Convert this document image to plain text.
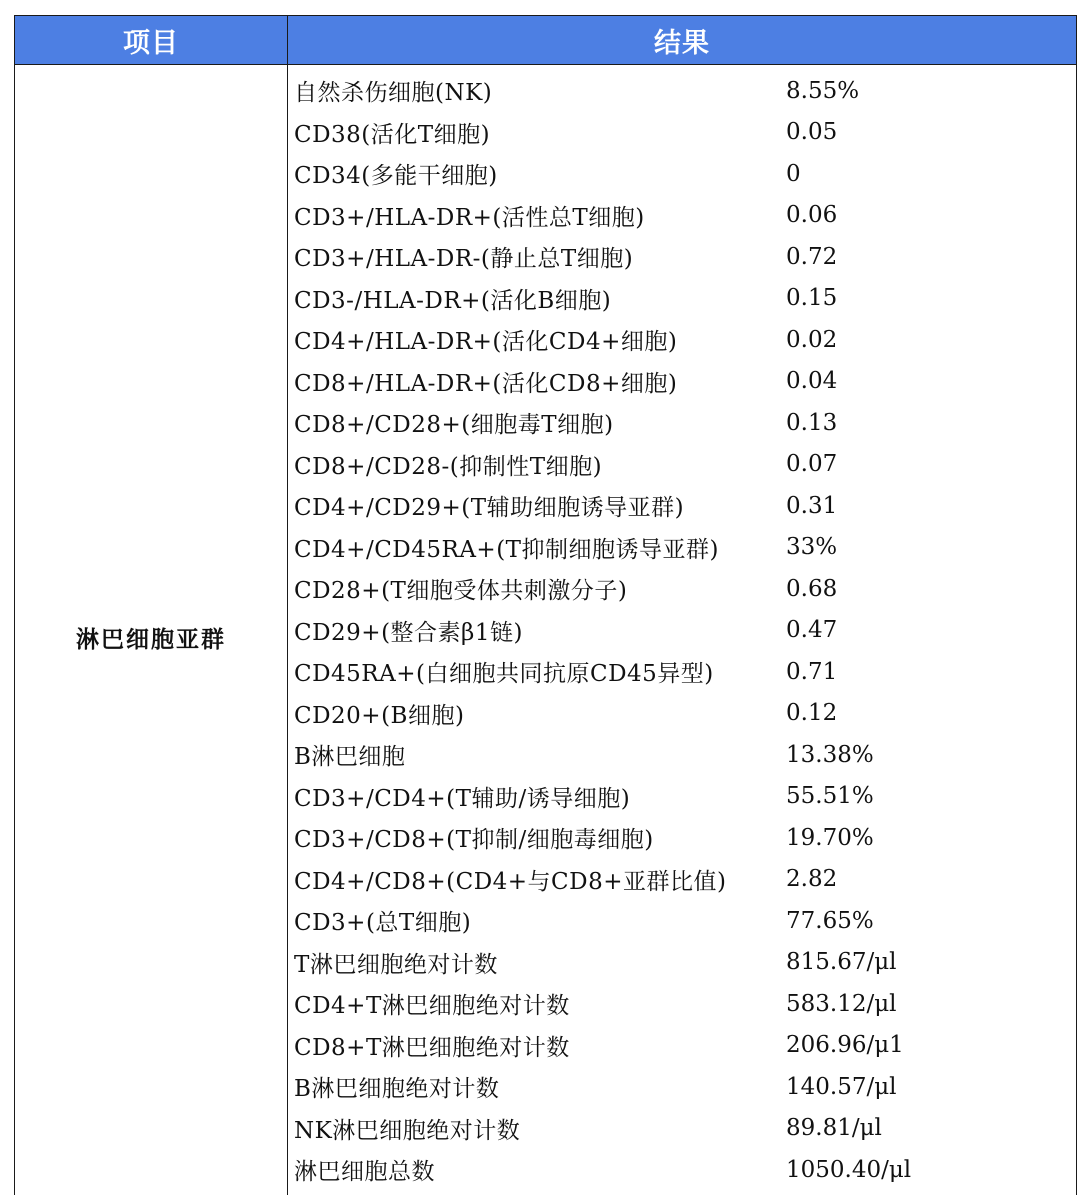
项目	结果
淋巴细胞亚群
自然杀伤细胞(NK)	8.55%
CD38(活化T细胞)	0.05
CD34(多能干细胞)	0
CD3+/HLA-DR+(活性总T细胞)	0.06
CD3+/HLA-DR-(静止总T细胞)	0.72
CD3-/HLA-DR+(活化B细胞)	0.15
CD4+/HLA-DR+(活化CD4+细胞)	0.02
CD8+/HLA-DR+(活化CD8+细胞)	0.04
CD8+/CD28+(细胞毒T细胞)	0.13
CD8+/CD28-(抑制性T细胞)	0.07
CD4+/CD29+(T辅助细胞诱导亚群)	0.31
CD4+/CD45RA+(T抑制细胞诱导亚群)	33%
CD28+(T细胞受体共刺激分子)	0.68
CD29+(整合素β1链)	0.47
CD45RA+(白细胞共同抗原CD45异型)	0.71
CD20+(B细胞)	0.12
B淋巴细胞	13.38%
CD3+/CD4+(T辅助/诱导细胞)	55.51%
CD3+/CD8+(T抑制/细胞毒细胞)	19.70%
CD4+/CD8+(CD4+与CD8+亚群比值)	2.82
CD3+(总T细胞)	77.65%
T淋巴细胞绝对计数	815.67/μl
CD4+T淋巴细胞绝对计数	583.12/μl
CD8+T淋巴细胞绝对计数	206.96/μ1
B淋巴细胞绝对计数	140.57/μl
NK淋巴细胞绝对计数	89.81/μl
淋巴细胞总数	1050.40/μl
